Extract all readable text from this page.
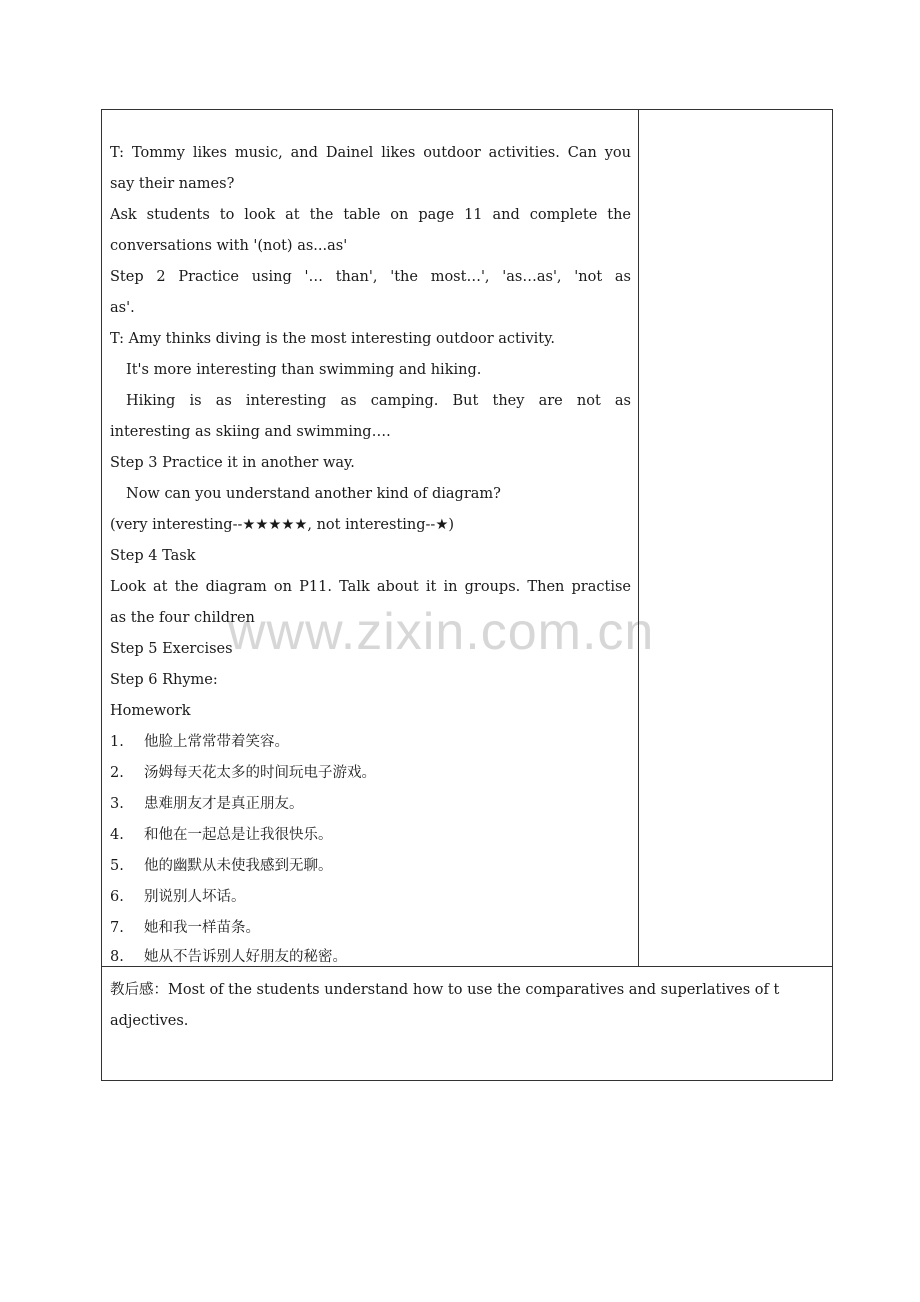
www.zixin.com.cn
T: Tommy likes music, and Dainel likes outdoor activities. Can you
say their names?
Ask students to look at the table on page 11 and complete the
conversations with '(not) as...as'
Step 2 Practice using '… than', 'the most…', 'as…as', 'not as
as'.
T: Amy thinks diving is the most interesting outdoor activity.
It's more interesting than swimming and hiking.
Hiking is as interesting as camping. But they are not as
interesting as skiing and swimming….
Step 3 Practice it in another way.
Now can you understand another kind of diagram?
(very interesting--★★★★★, not interesting--★)
Step 4 Task
Look at the diagram on P11. Talk about it in groups. Then practise
as the four children
Step 5 Exercises
Step 6 Rhyme:
Homework
1. 他脸上常常带着笑容。
2. 汤姆每天花太多的时间玩电子游戏。
3. 患难朋友才是真正朋友。
4. 和他在一起总是让我很快乐。
5. 他的幽默从未使我感到无聊。
6. 别说别人坏话。
7. 她和我一样苗条。
8. 她从不告诉别人好朋友的秘密。
教后感：Most of the students understand how to use the comparatives and superlatives of t
adjectives.
